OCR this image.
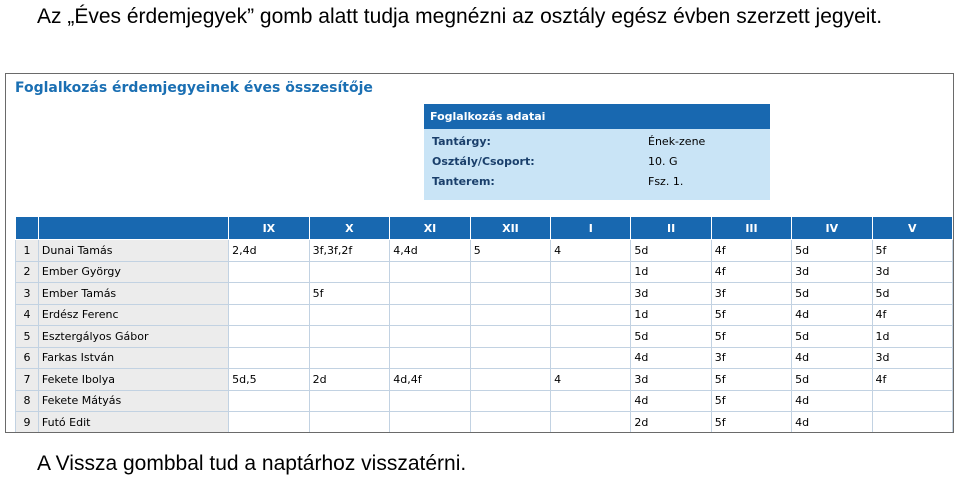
Az „Éves érdemjegyek” gomb alatt tudja megnézni az osztály egész évben szerzett jegyeit.
Foglalkozás érdemjegyeinek éves összesítője
Foglalkozás adatai
Tantárgy:	Ének-zene
Osztály/Csoport:	10. G
Tanterem:	Fsz. 1.
		IX	X	XI	XII	I	II	III	IV	V
1	Dunai Tamás	2,4d	3f,3f,2f	4,4d	5	4	5d	4f	5d	5f
2	Ember György						1d	4f	3d	3d
3	Ember Tamás		5f				3d	3f	5d	5d
4	Erdész Ferenc						1d	5f	4d	4f
5	Esztergályos Gábor						5d	5f	5d	1d
6	Farkas István						4d	3f	4d	3d
7	Fekete Ibolya	5d,5	2d	4d,4f		4	3d	5f	5d	4f
8	Fekete Mátyás						4d	5f	4d	
9	Futó Edit						2d	5f	4d	
A Vissza gombbal tud a naptárhoz visszatérni.
